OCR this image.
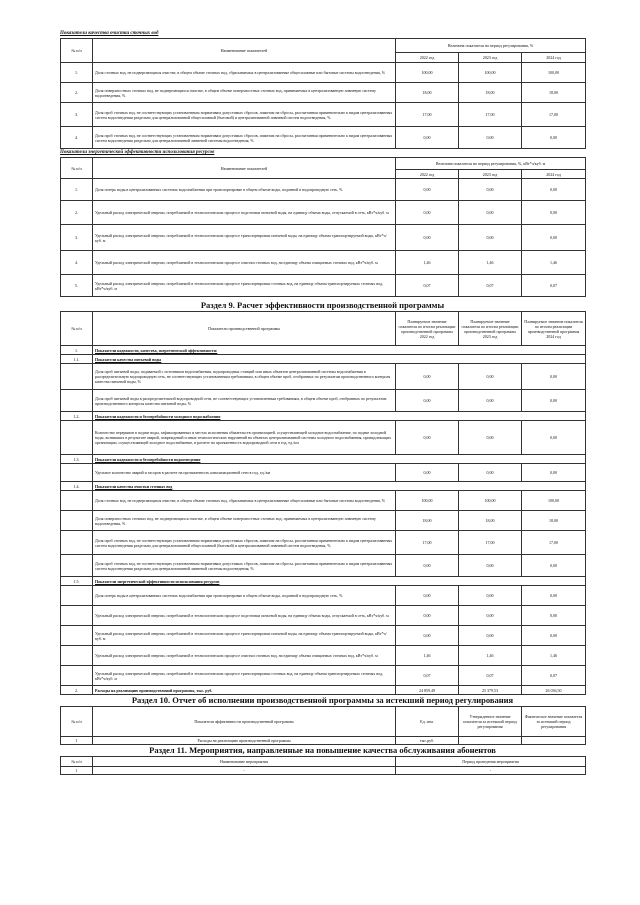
Показатели качества очистки сточных вод
№ п/п	Наименование показателей	Величина показателя на период регулирования, %		
		2022 год	2023 год	2024 год
1.	Доля сточных вод, не подвергающихся очистке, в общем объеме сточных вод, сбрасываемых в централизованные общесплавные или бытовые системы водоотведения, %	100,00	100,00	100,00
2.	Доля поверхностных сточных вод, не подвергающихся очистке, в общем объеме поверхностных сточных вод, принимаемых в централизованную ливневую систему водоотведения, %	18,00	18,00	18,00
3.	Доля проб сточных вод, не соответствующих установленным нормативам допустимых сбросов, лимитам на сбросы, рассчитанная применительно к видам централизованных систем водоотведения раздельно для централизованной общесплавной (бытовой) и централизованной ливневой систем водоотведения, %	17,00	17,00	17,00
4.	Доля проб сточных вод, не соответствующих установленным нормативам допустимых сбросов, лимитам на сбросы, рассчитанная применительно к видам централизованных систем водоотведения раздельно для централизованной ливневой системы водоотведения, %	0,00	0,00	0,00
Показатели энергетической эффективности использования ресурсов
№ п/п	Наименование показателей	Величина показателя на период регулирования, %, кВт*ч/куб. м		
		2022 год	2023 год	2024 год
1.	Доля потерь воды в централизованных системах водоснабжения при транспортировке в общем объеме воды, поданной в водопроводную сеть, %	0,00	0,00	0,00
2.	Удельный расход электрической энергии, потребляемой в технологическом процессе подготовки питьевой воды, на единицу объема воды, отпускаемой в сеть, кВт*ч/куб. м	0,00	0,00	0,00
3.	Удельный расход электрической энергии, потребляемой в технологическом процессе транспортировки питьевой воды, на единицу объема транспортируемой воды, кВт*ч/куб. м	0,00	0,00	0,00
4.	Удельный расход электрической энергии, потребляемой в технологическом процессе очистки сточных вод, на единицу объема очищаемых сточных вод, кВт*ч/куб. м	1,46	1,46	1,46
5.	Удельный расход электрической энергии, потребляемой в технологическом процессе транспортировки сточных вод, на единицу объема транспортируемых сточных вод, кВт*ч/куб. м	0,07	0,07	0,07
Раздел 9. Расчет эффективности производственной программы
№ п/п	Показатели производственной программы	Планируемое значение показателя по итогам реализации производственной программы 2022 год	Планируемое значение показателя по итогам реализации производственной программы 2023 год	Планируемое значение показателя по итогам реализации производственной программы 2024 год
1.	Показатели надежности, качества, энергетической эффективности:			
1.1.	Показатели качества питьевой воды			
	Доля проб питьевой воды, подаваемой с источников водоснабжения, водопроводных станций или иных объектов централизованной системы водоснабжения в распределительную водопроводную сеть, не соответствующих установленным требованиям, в общем объеме проб, отобранных по результатам производственного контроля качества питьевой воды, %	0,00	0,00	0,00
	Доля проб питьевой воды в распределительной водопроводной сети, не соответствующих установленным требованиям, в общем объеме проб, отобранных по результатам производственного контроля качества питьевой воды, %	0,00	0,00	0,00
1.2.	Показатели надежности и бесперебойности холодного водоснабжения			
	Количество перерывов в подаче воды, зафиксированных в местах исполнения обязательств организацией, осуществляющей холодное водоснабжение, по подаче холодной воды, возникших в результате аварий, повреждений и иных технологических нарушений на объектах централизованной системы холодного водоснабжения, принадлежащих организации, осуществляющей холодное водоснабжение, в расчете на протяженность водопроводной сети в год, ед./км	0,00	0,00	0,00
1.3.	Показатели надежности и бесперебойности водоотведения			
	Удельное количество аварий и засоров в расчете на протяженность канализационной сети в год, ед./км	0,00	0,00	0,00
1.4.	Показатели качества очистки сточных вод			
	Доля сточных вод, не подвергающихся очистке, в общем объеме сточных вод, сбрасываемых в централизованные общесплавные или бытовые системы водоотведения, %	100,00	100,00	100,00
	Доля поверхностных сточных вод, не подвергающихся очистке, в общем объеме поверхностных сточных вод, принимаемых в централизованную ливневую систему водоотведения, %	18,00	18,00	18,00
	Доля проб сточных вод, не соответствующих установленным нормативам допустимых сбросов, лимитам на сбросы, рассчитанная применительно к видам централизованных систем водоотведения раздельно для централизованной общесплавной (бытовой) и централизованной ливневой систем водоотведения, %	17,00	17,00	17,00
	Доля проб сточных вод, не соответствующих установленным нормативам допустимых сбросов, лимитам на сбросы, рассчитанная применительно к видам централизованных систем водоотведения раздельно для централизованной ливневой системы водоотведения, %	0,00	0,00	0,00
1.5.	Показатели энергетической эффективности использования ресурсов			
	Доля потерь воды в централизованных системах водоснабжения при транспортировке в общем объеме воды, поданной в водопроводную сеть, %	0,00	0,00	0,00
	Удельный расход электрической энергии, потребляемой в технологическом процессе подготовки питьевой воды, на единицу объема воды, отпускаемой в сеть, кВт*ч/куб. м	0,00	0,00	0,00
	Удельный расход электрической энергии, потребляемой в технологическом процессе транспортировки питьевой воды, на единицу объема транспортируемой воды, кВт*ч/куб. м	0,00	0,00	0,00
	Удельный расход электрической энергии, потребляемой в технологическом процессе очистки сточных вод, на единицу объема очищаемых сточных вод, кВт*ч/куб. м	1,46	1,46	1,46
	Удельный расход электрической энергии, потребляемой в технологическом процессе транспортировки сточных вод, на единицу объема транспортируемых сточных вод, кВт*ч/куб. м	0,07	0,07	0,07
2.	Расходы на реализацию производственной программы, тыс. руб.	24 859,49	25 379,53	26 036,50
Раздел 10. Отчет об исполнении производственной программы за истекший период регулирования
№ п/п	Показатели эффективности производственной программы	Ед. изм.	Утвержденное значение показателя за истекший период регулирования	Фактическое значение показателя за истекший период регулирования
1	Расходы на реализацию производственной программы	тыс.руб.		
Раздел 11. Мероприятия, направленные на повышение качества обслуживания абонентов
№ п/п	Наименование мероприятия	Период проведения мероприятия
1	-	-
